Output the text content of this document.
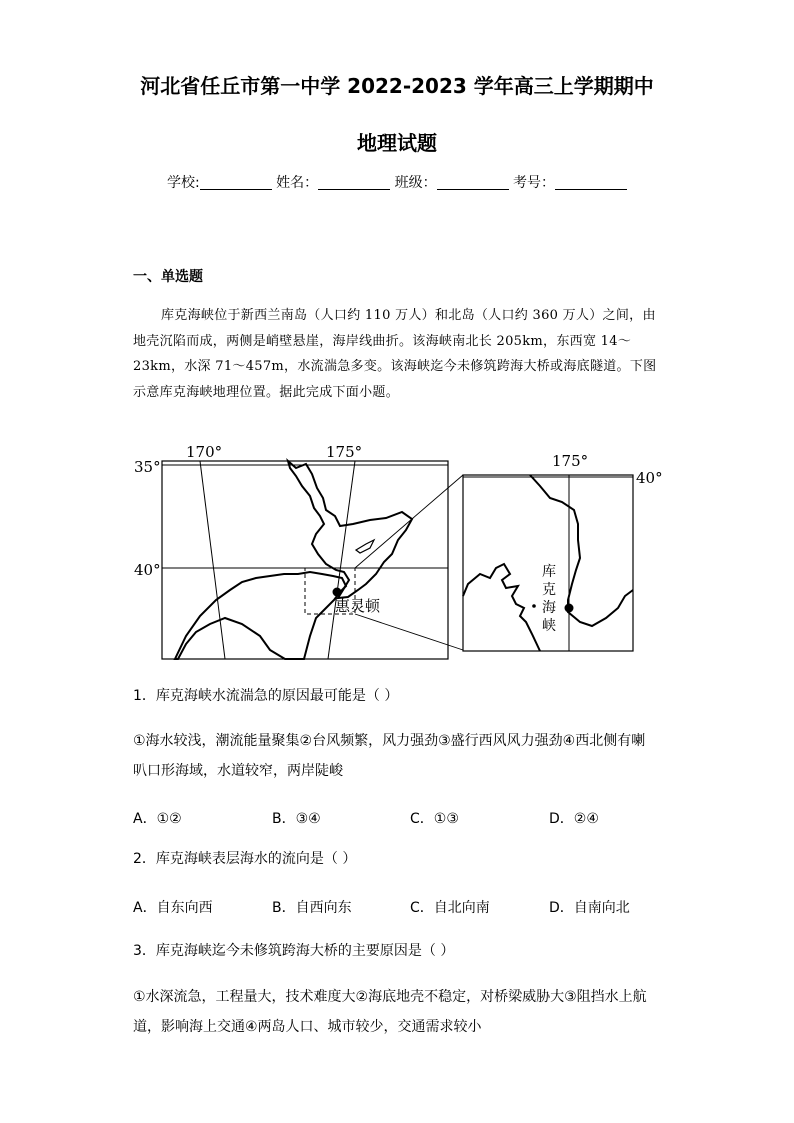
河北省任丘市第一中学 2022-2023 学年高三上学期期中
地理试题
学校:	姓名：	班级：	考号：
一、单选题
库克海峡位于新西兰南岛（人口约 110 万人）和北岛（人口约 360 万人）之间，由
地壳沉陷而成，两侧是峭壁悬崖，海岸线曲折。该海峡南北长 205km，东西宽 14～
23km，水深 71～457m，水流湍急多变。该海峡迄今未修筑跨海大桥或海底隧道。下图
示意库克海峡地理位置。据此完成下面小题。
惠灵顿
库
克
海
峡
170°	175°
35°
40°
175°
40°
1．库克海峡水流湍急的原因最可能是（ ）
①海水较浅，潮流能量聚集②台风频繁，风力强劲③盛行西风风力强劲④西北侧有喇
叭口形海域，水道较窄，两岸陡峻
A．①②	B．③④	C．①③	D．②④
2．库克海峡表层海水的流向是（ ）
A．自东向西	B．自西向东	C．自北向南	D．自南向北
3．库克海峡迄今未修筑跨海大桥的主要原因是（ ）
①水深流急，工程量大，技术难度大②海底地壳不稳定，对桥梁威胁大③阻挡水上航
道，影响海上交通④两岛人口、城市较少，交通需求较小
